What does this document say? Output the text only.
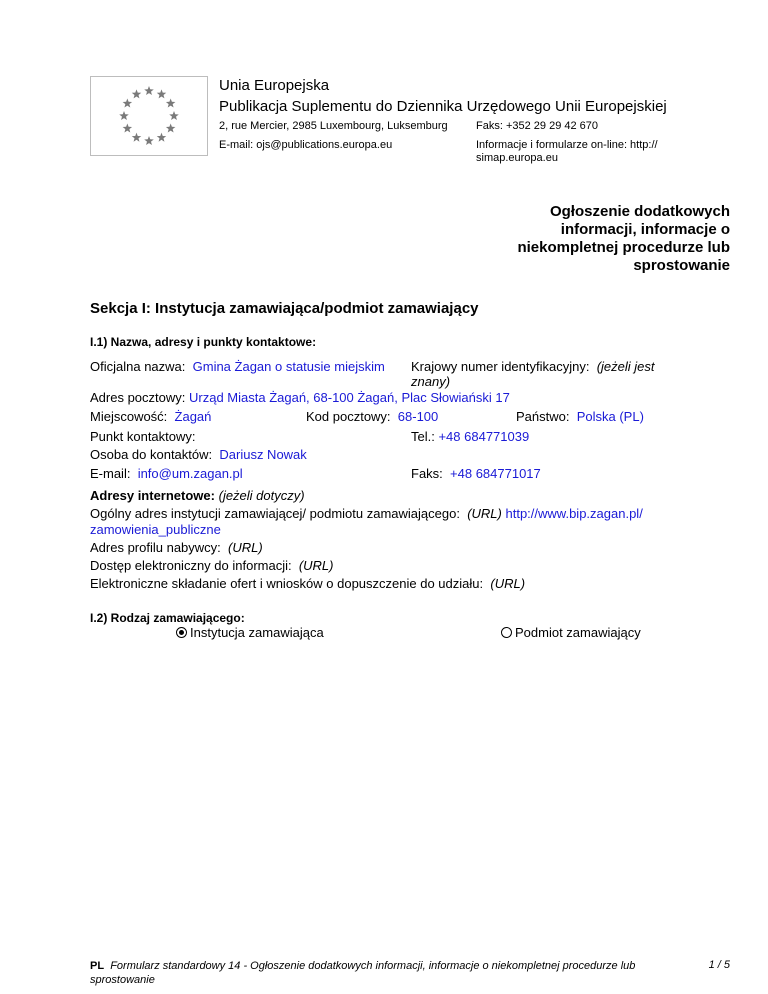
Unia Europejska
Publikacja Suplementu do Dziennika Urzędowego Unii Europejskiej
2, rue Mercier, 2985 Luxembourg, Luksemburg	Faks: +352 29 29 42 670
E-mail: ojs@publications.europa.eu	Informacje i formularze on-line: http:// simap.europa.eu
Ogłoszenie dodatkowych informacji, informacje o niekompletnej procedurze lub sprostowanie
Sekcja I: Instytucja zamawiająca/podmiot zamawiający
I.1) Nazwa, adresy i punkty kontaktowe:
Oficjalna nazwa: Gmina Żagan o statusie miejskim Krajowy numer identyfikacyjny: (jeżeli jest
znany)
Adres pocztowy: Urząd Miasta Żagań, 68-100 Żagań, Plac Słowiański 17
Miejscowość: Żagań	Kod pocztowy: 68-100	Państwo: Polska (PL)
Punkt kontaktowy:	Tel.: +48 684771039
Osoba do kontaktów: Dariusz Nowak
E-mail: info@um.zagan.pl	Faks: +48 684771017
Adresy internetowe: (jeżeli dotyczy)
Ogólny adres instytucji zamawiającej/ podmiotu zamawiającego: (URL) http://www.bip.zagan.pl/
zamowienia_publiczne
Adres profilu nabywcy: (URL)
Dostęp elektroniczny do informacji: (URL)
Elektroniczne składanie ofert i wniosków o dopuszczenie do udziału: (URL)
I.2) Rodzaj zamawiającego:
Instytucja zamawiająca	Podmiot zamawiający
PL Formularz standardowy 14 - Ogłoszenie dodatkowych informacji, informacje o niekompletnej procedurze lub sprostowanie
1 / 5
